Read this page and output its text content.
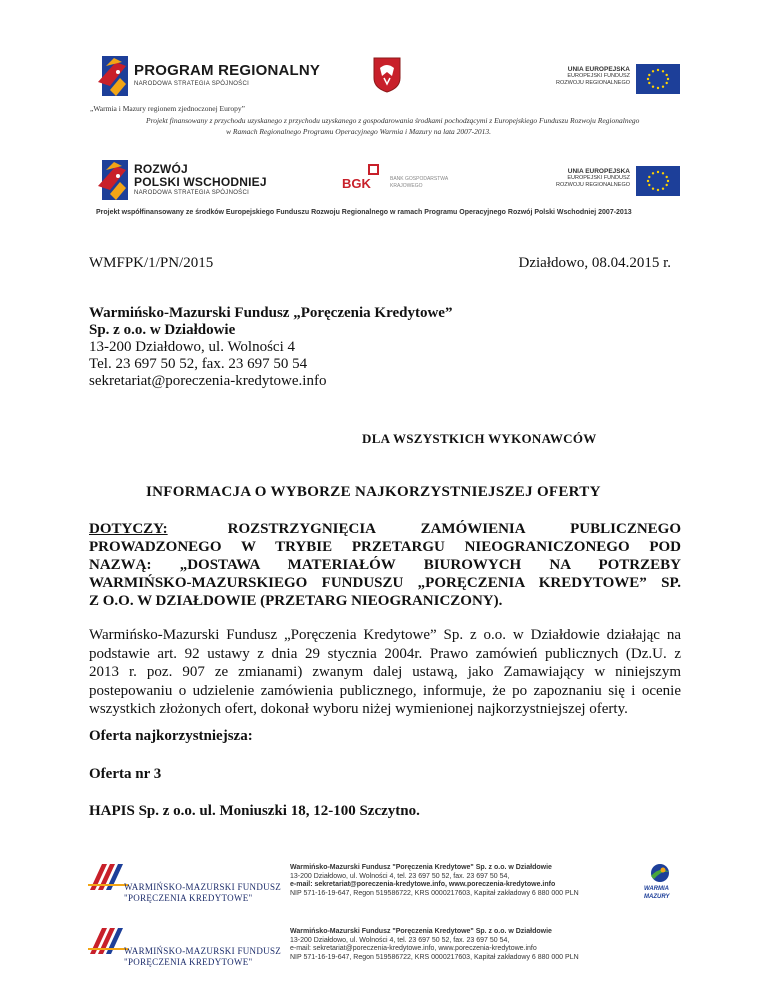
PROGRAM REGIONALNY
NARODOWA STRATEGIA SPÓJNOŚCI
UNIA EUROPEJSKA
EUROPEJSKI FUNDUSZ
ROZWOJU REGIONALNEGO
„Warmia i Mazury regionem zjednoczonej Europy”
Projekt finansowany z przychodu uzyskanego z przychodu uzyskanego z gospodarowania środkami pochodzącymi z Europejskiego Funduszu Rozwoju Regionalnego
w Ramach Regionalnego Programu Operacyjnego Warmia i Mazury na lata 2007-2013.
ROZWÓJ
POLSKI WSCHODNIEJ
NARODOWA STRATEGIA SPÓJNOŚCI
BGK	BANK GOSPODARSTWA
KRAJOWEGO
UNIA EUROPEJSKA
EUROPEJSKI FUNDUSZ
ROZWOJU REGIONALNEGO
Projekt współfinansowany ze środków Europejskiego Funduszu Rozwoju Regionalnego w ramach Programu Operacyjnego Rozwój Polski Wschodniej 2007-2013
WMFPK/1/PN/2015	Działdowo, 08.04.2015 r.
Warmińsko-Mazurski Fundusz „Poręczenia Kredytowe”
Sp. z o.o. w Działdowie
13-200 Działdowo, ul. Wolności 4
Tel. 23 697 50 52, fax. 23 697 50 54
sekretariat@poreczenia-kredytowe.info
DLA WSZYSTKICH WYKONAWCÓW
INFORMACJA O WYBORZE NAJKORZYSTNIEJSZEJ OFERTY
DOTYCZY:	ROZSTRZYGNIĘCIA ZAMÓWIENIA PUBLICZNEGO
PROWADZONEGO W TRYBIE PRZETARGU NIEOGRANICZONEGO POD
NAZWĄ: „DOSTAWA MATERIAŁÓW BIUROWYCH NA POTRZEBY
WARMIŃSKO-MAZURSKIEGO FUNDUSZU „PORĘCZENIA KREDYTOWE” SP.
Z O.O. W DZIAŁDOWIE (PRZETARG NIEOGRANICZONY).
Warmińsko-Mazurski Fundusz „Poręczenia Kredytowe” Sp. z o.o. w Działdowie działając na
podstawie art. 92 ustawy z dnia 29 stycznia 2004r. Prawo zamówień publicznych (Dz.U. z
2013 r. poz. 907 ze zmianami) zwanym dalej ustawą, jako Zamawiający w niniejszym
postepowaniu o udzielenie zamówienia publicznego, informuje, że po zapoznaniu się i ocenie
wszystkich złożonych ofert, dokonał wyboru niżej wymienionej najkorzystniejszej oferty.
Oferta najkorzystniejsza:
Oferta nr 3
HAPIS Sp. z o.o. ul. Moniuszki 18, 12-100 Szczytno.
WARMIŃSKO-MAZURSKI FUNDUSZ
"PORĘCZENIA KREDYTOWE"
Warmińsko-Mazurski Fundusz "Poręczenia Kredytowe" Sp. z o.o. w Działdowie
13-200 Działdowo, ul. Wolności 4, tel. 23 697 50 52, fax. 23 697 50 54,
e-mail: sekretariat@poreczenia-kredytowe.info, www.poreczenia-kredytowe.info
NIP 571-16-19-647, Regon 519586722, KRS 0000217603, Kapitał zakładowy 6 880 000 PLN
WARMIA
MAZURY
WARMIŃSKO-MAZURSKI FUNDUSZ
"PORĘCZENIA KREDYTOWE"
Warmińsko-Mazurski Fundusz "Poręczenia Kredytowe" Sp. z o.o. w Działdowie
13-200 Działdowo, ul. Wolności 4, tel. 23 697 50 52, fax. 23 697 50 54,
e-mail: sekretariat@poreczenia-kredytowe.info, www.poreczenia-kredytowe.info
NIP 571-16-19-647, Regon 519586722, KRS 0000217603, Kapitał zakładowy 6 880 000 PLN
